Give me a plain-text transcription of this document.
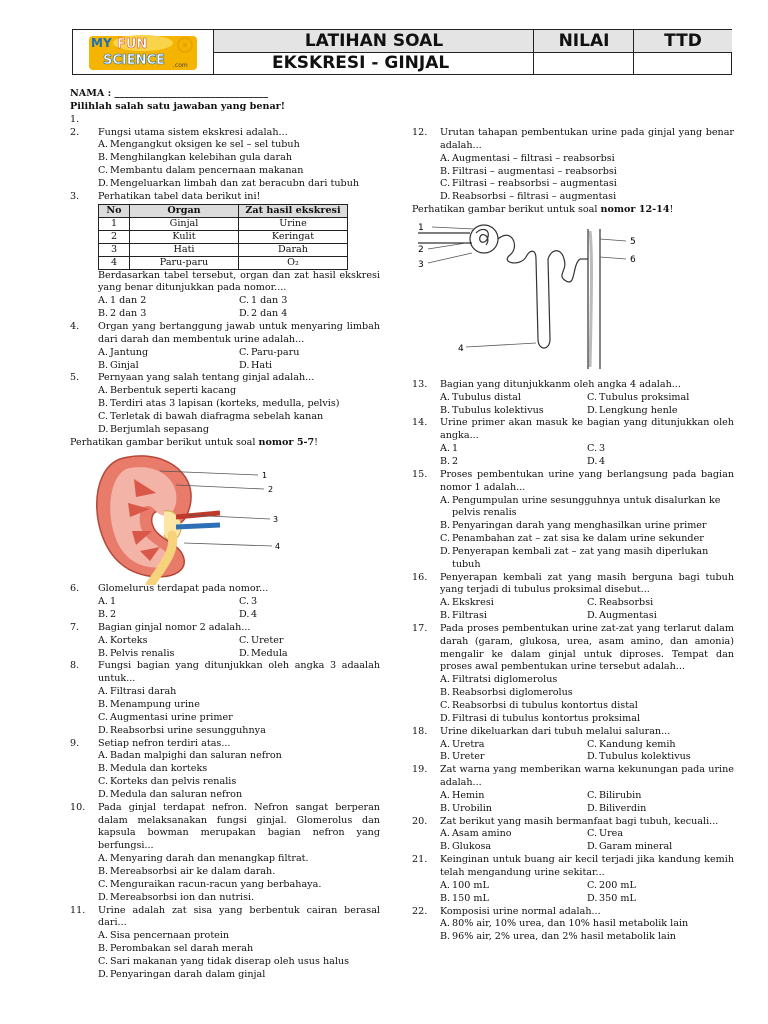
MY FUN
SCIENCE .com
LATIHAN SOAL
EKSKRESI - GINJAL
NILAI	TTD
NAMA : ________________________________
Pilihlah salah satu jawaban yang benar!
1.
2. Fungsi utama sistem ekskresi adalah...
A. Mengangkut oksigen ke sel – sel tubuh
B. Menghilangkan kelebihan gula darah
C. Membantu dalam pencernaan makanan
D. Mengeluarkan limbah dan zat beracubn dari tubuh
3. Perhatikan tabel data berikut ini!
No	Organ	Zat hasil ekskresi
1	Ginjal	Urine
2	Kulit	Keringat
3	Hati	Darah
4	Paru-paru	O₂
Berdasarkan tabel tersebut, organ dan zat hasil ekskresi yang benar ditunjukkan pada nomor....
A. 1 dan 2	C. 1 dan 3
B. 2 dan 3	D. 2 dan 4
4. Organ yang bertanggung jawab untuk menyaring limbah dari darah dan membentuk urine adalah...
A. Jantung	C. Paru-paru
B. Ginjal	D. Hati
5. Pernyaan yang salah tentang ginjal adalah...
A. Berbentuk seperti kacang
B. Terdiri atas 3 lapisan (korteks, medulla, pelvis)
C. Terletak di bawah diafragma sebelah kanan
D. Berjumlah sepasang
Perhatikan gambar berikut untuk soal nomor 5-7!
1
2
3
4
6. Glomelurus terdapat pada nomor...
A. 1	C. 3
B. 2	D. 4
7. Bagian ginjal nomor 2 adalah...
A. Korteks	C. Ureter
B. Pelvis renalis	D. Medula
8. Fungsi bagian yang ditunjukkan oleh angka 3 adaalah untuk...
A. Filtrasi darah
B. Menampung urine
C. Augmentasi urine primer
D. Reabsorbsi urine sesungguhnya
9. Setiap nefron terdiri atas...
A. Badan malpighi dan saluran nefron
B. Medula dan korteks
C. Korteks dan pelvis renalis
D. Medula dan saluran nefron
10. Pada ginjal terdapat nefron. Nefron sangat berperan dalam melaksanakan fungsi ginjal. Glomerolus dan kapsula bowman merupakan bagian nefron yang berfungsi...
A. Menyaring darah dan menangkap filtrat.
B. Mereabsorbsi air ke dalam darah.
C. Menguraikan racun-racun yang berbahaya.
D. Mereabsorbsi ion dan nutrisi.
11. Urine adalah zat sisa yang berbentuk cairan berasal dari...
A. Sisa pencernaan protein
B. Perombakan sel darah merah
C. Sari makanan yang tidak diserap oleh usus halus
D. Penyaringan darah dalam ginjal
12. Urutan tahapan pembentukan urine pada ginjal yang benar adalah...
A. Augmentasi – filtrasi – reabsorbsi
B. Filtrasi – augmentasi – reabsorbsi
C. Filtrasi – reabsorbsi – augmentasi
D. Reabsorbsi – filtrasi – augmentasi
Perhatikan gambar berikut untuk soal nomor 12-14!
1
2
3
4
5
6
13. Bagian yang ditunjukkanm oleh angka 4 adalah...
A. Tubulus distal	C. Tubulus proksimal
B. Tubulus kolektivus	D. Lengkung henle
14. Urine primer akan masuk ke bagian yang ditunjukkan oleh angka...
A. 1	C. 3
B. 2	D. 4
15. Proses pembentukan urine yang berlangsung pada bagian nomor 1 adalah...
A. Pengumpulan urine sesungguhnya untuk disalurkan ke pelvis renalis
B. Penyaringan darah yang menghasilkan urine primer
C. Penambahan zat – zat sisa ke dalam urine sekunder
D. Penyerapan kembali zat – zat yang masih diperlukan tubuh
16. Penyerapan kembali zat yang masih berguna bagi tubuh yang terjadi di tubulus proksimal disebut...
A. Ekskresi	C. Reabsorbsi
B. Filtrasi	D. Augmentasi
17. Pada proses pembentukan urine zat-zat yang terlarut dalam darah (garam, glukosa, urea, asam amino, dan amonia) mengalir ke dalam ginjal untuk diproses. Tempat dan proses awal pembentukan urine tersebut adalah...
A. Filtratsi diglomerolus
B. Reabsorbsi diglomerolus
C. Reabsorbsi di tubulus kontortus distal
D. Filtrasi di tubulus kontortus proksimal
18. Urine dikeluarkan dari tubuh melalui saluran...
A. Uretra	C. Kandung kemih
B. Ureter	D. Tubulus kolektivus
19. Zat warna yang memberikan warna kekunungan pada urine adalah...
A. Hemin	C. Bilirubin
B. Urobilin	D. Biliverdin
20. Zat berikut yang masih bermanfaat bagi tubuh, kecuali...
A. Asam amino	C. Urea
B. Glukosa	D. Garam mineral
21. Keinginan untuk buang air kecil terjadi jika kandung kemih telah mengandung urine sekitar...
A. 100 mL	C. 200 mL
B. 150 mL	D. 350 mL
22. Komposisi urine normal adalah...
A. 80% air, 10% urea, dan 10% hasil metabolik lain
B. 96% air, 2% urea, dan 2% hasil metabolik lain
